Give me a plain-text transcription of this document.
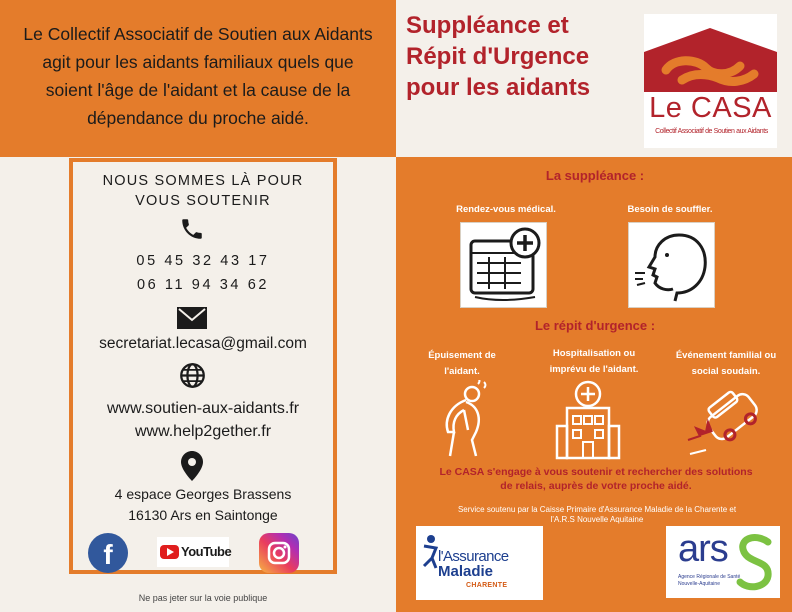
Le Collectif Associatif de Soutien aux Aidants agit pour les aidants familiaux quels que soient l'âge de l'aidant et la cause de la dépendance du proche aidé.

Suppléance et
Répit d'Urgence
pour les aidants
Le CASA
Collectif Associatif de Soutien aux Aidants
NOUS SOMMES LÀ POUR
VOUS SOUTENIR
05 45 32 43 17
06 11 94 34 62
secretariat.lecasa@gmail.com
www.soutien-aux-aidants.fr
www.help2gether.fr
4 espace Georges Brassens
16130 Ars en Saintonge
f	YouTube
Ne pas jeter sur la voie publique
La suppléance :
Rendez-vous médical.	Besoin de souffler.
Le répit d'urgence :
Épuisement de
l'aidant.
Hospitalisation ou
imprévu de l'aidant.
Événement familial ou
social soudain.
Le CASA s'engage à vous soutenir et rechercher des solutions
de relais, auprès de votre proche aidé.
Service soutenu par la Caisse Primaire d'Assurance Maladie de la Charente et
l'A.R.S Nouvelle Aquitaine
l'Assurance
Maladie
CHARENTE
ars
Agence Régionale de Santé
Nouvelle-Aquitaine
